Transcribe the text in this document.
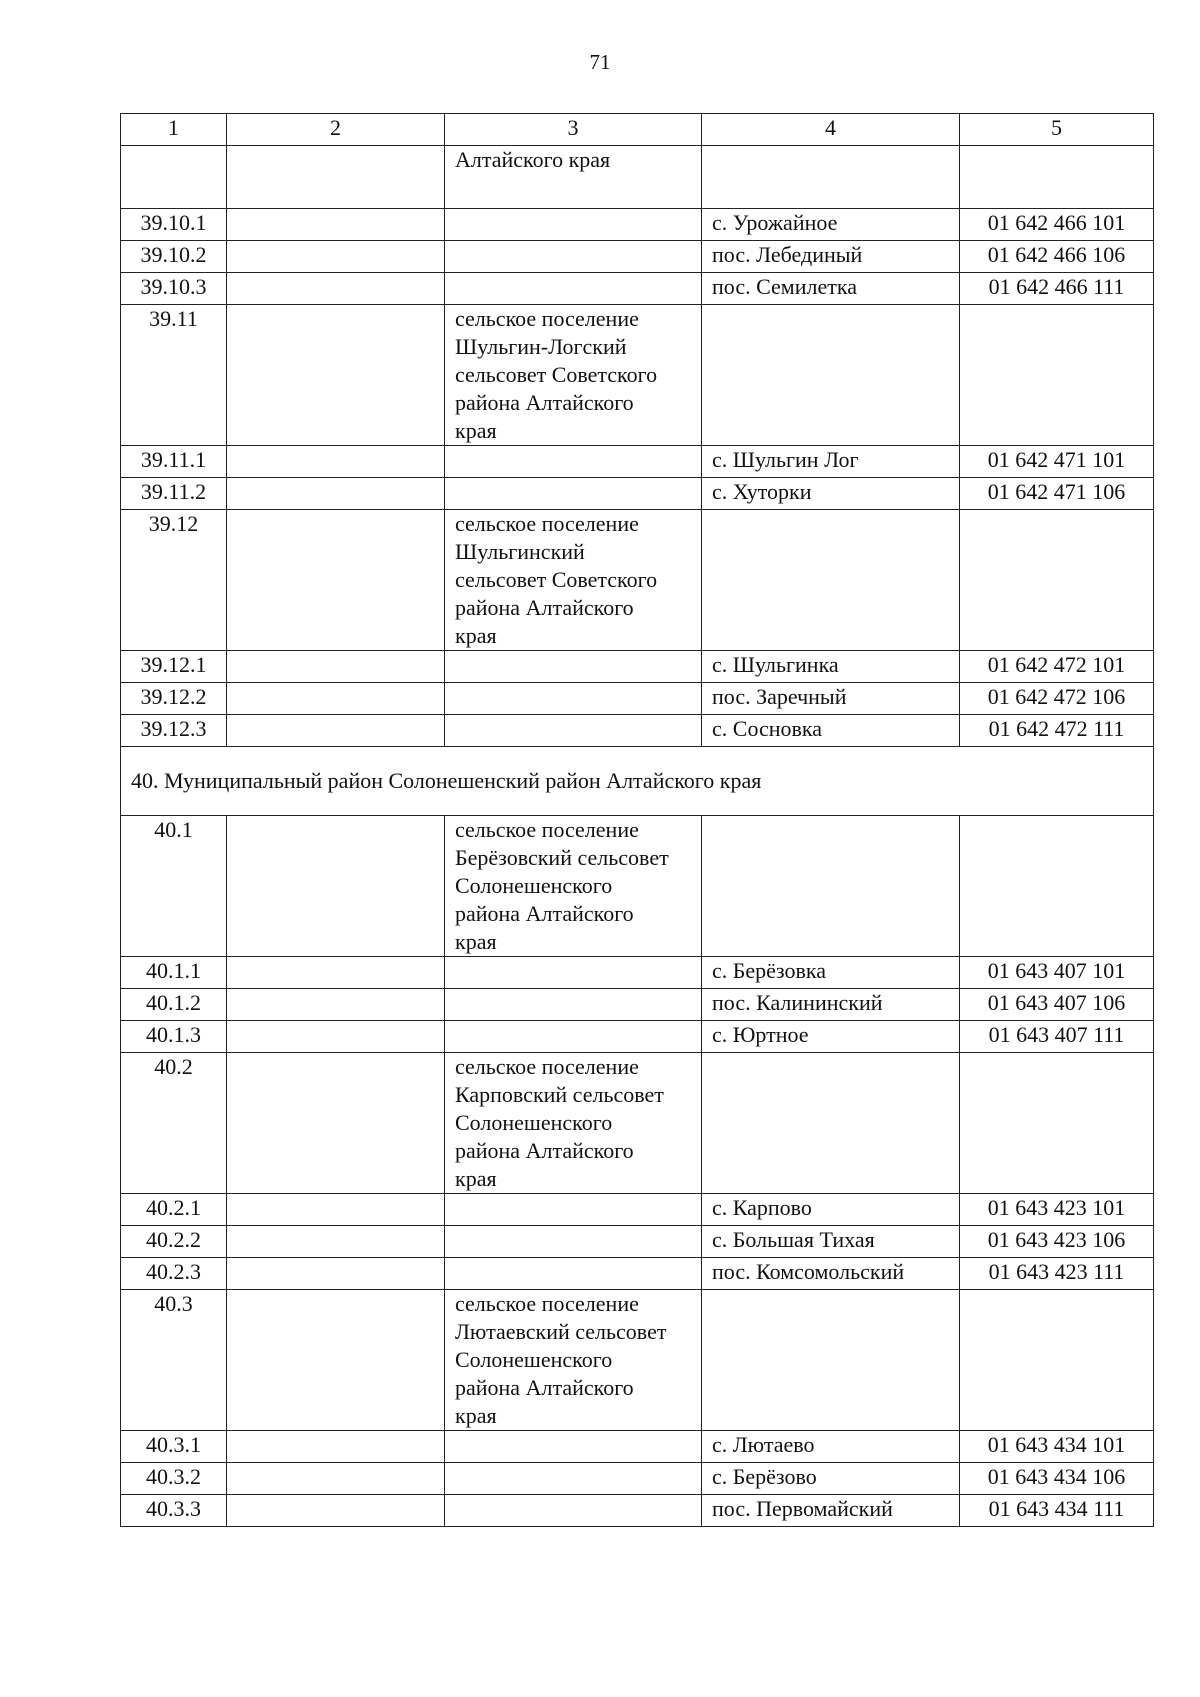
71
1	2	3	4	5
		Алтайского края		
39.10.1			с. Урожайное	01 642 466 101
39.10.2			пос. Лебединый	01 642 466 106
39.10.3			пос. Семилетка	01 642 466 111
39.11		сельское поселение
Шульгин-Логский
сельсовет Советского
района Алтайского
края		

39.11.1			с. Шульгин Лог	01 642 471 101
39.11.2			с. Хуторки	01 642 471 106
39.12		сельское поселение
Шульгинский
сельсовет Советского
района Алтайского
края		

39.12.1			с. Шульгинка	01 642 472 101
39.12.2			пос. Заречный	01 642 472 106
39.12.3			с. Сосновка	01 642 472 111
40. Муниципальный район Солонешенский район Алтайского края				
40.1		сельское поселение
Берёзовский сельсовет
Солонешенского
района Алтайского
края		

40.1.1			с. Берёзовка	01 643 407 101
40.1.2			пос. Калининский	01 643 407 106
40.1.3			с. Юртное	01 643 407 111
40.2		сельское поселение
Карповский сельсовет
Солонешенского
района Алтайского
края		

40.2.1			с. Карпово	01 643 423 101
40.2.2			с. Большая Тихая	01 643 423 106
40.2.3			пос. Комсомольский	01 643 423 111
40.3		сельское поселение
Лютаевский сельсовет
Солонешенского
района Алтайского
края		

40.3.1			с. Лютаево	01 643 434 101
40.3.2			с. Берёзово	01 643 434 106
40.3.3			пос. Первомайский	01 643 434 111
